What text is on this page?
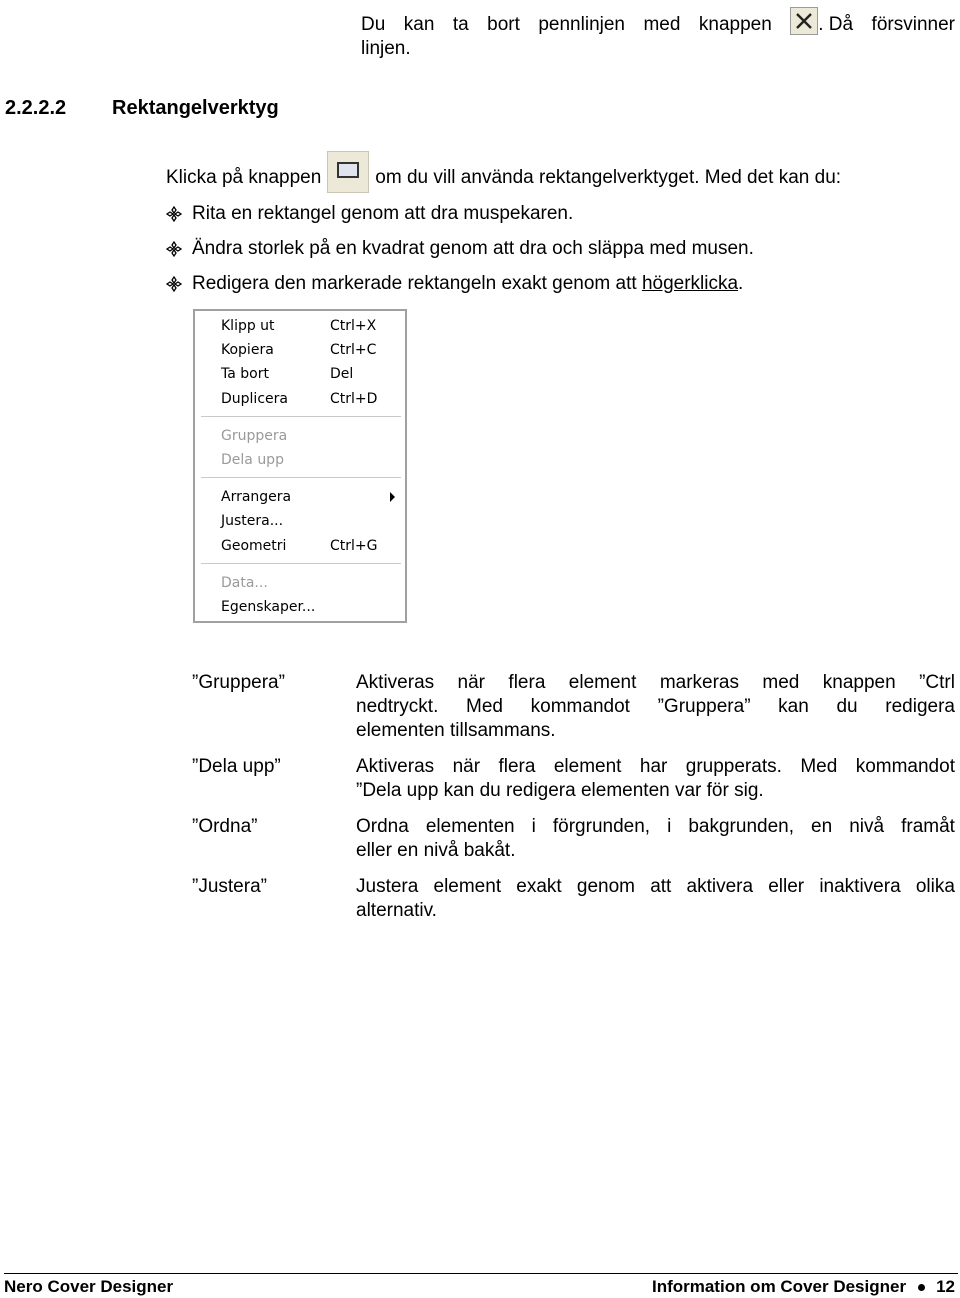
Du kan ta bort pennlinjen med knappen . Då försvinner
linjen.
2.2.2.2 Rektangelverktyg
Klicka på knappen	om du vill använda rektangelverktyget. Med det kan du:
Rita en rektangel genom att dra muspekaren.
Ändra storlek på en kvadrat genom att dra och släppa med musen.
Redigera den markerade rektangeln exakt genom att högerklicka.
Klipp ut	Ctrl+X
Kopiera	Ctrl+C
Ta bort	Del
Duplicera	Ctrl+D
Gruppera
Dela upp
Arrangera
Justera...
Geometri	Ctrl+G
Data...
Egenskaper...
”Gruppera”	Aktiveras när flera element markeras med knappen ”Ctrl
nedtryckt. Med kommandot ”Gruppera” kan du redigera
elementen tillsammans.
”Dela upp”	Aktiveras när flera element har grupperats. Med kommandot
”Dela upp kan du redigera elementen var för sig.
”Ordna”	Ordna elementen i förgrunden, i bakgrunden, en nivå framåt
eller en nivå bakåt.
”Justera”	Justera element exakt genom att aktivera eller inaktivera olika
alternativ.
Nero Cover Designer	Information om Cover Designer 12
